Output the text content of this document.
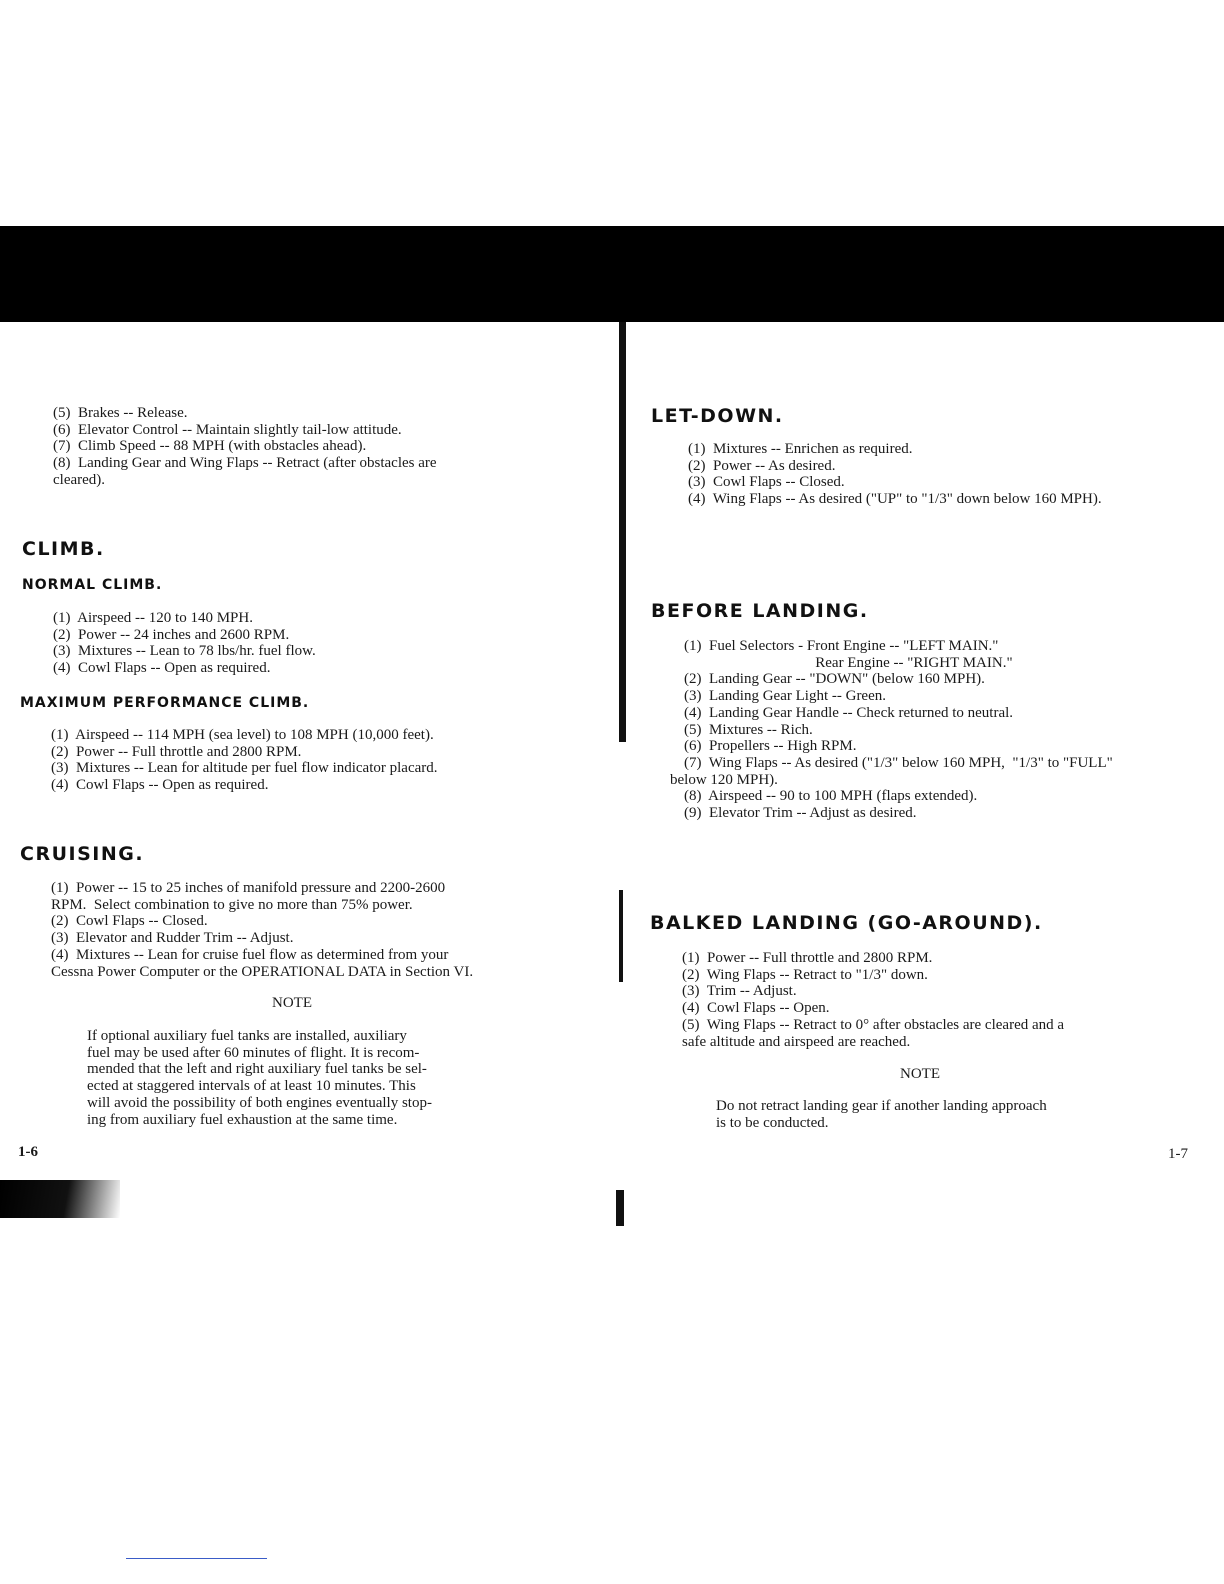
(5)  Brakes -- Release.
(6)  Elevator Control -- Maintain slightly tail-low attitude.
(7)  Climb Speed -- 88 MPH (with obstacles ahead).
(8)  Landing Gear and Wing Flaps -- Retract (after obstacles are
cleared).
CLIMB.
NORMAL CLIMB.
(1)  Airspeed -- 120 to 140 MPH.
(2)  Power -- 24 inches and 2600 RPM.
(3)  Mixtures -- Lean to 78 lbs/hr. fuel flow.
(4)  Cowl Flaps -- Open as required.
MAXIMUM PERFORMANCE CLIMB.
(1)  Airspeed -- 114 MPH (sea level) to 108 MPH (10,000 feet).
(2)  Power -- Full throttle and 2800 RPM.
(3)  Mixtures -- Lean for altitude per fuel flow indicator placard.
(4)  Cowl Flaps -- Open as required.
CRUISING.
(1)  Power -- 15 to 25 inches of manifold pressure and 2200-2600
RPM.  Select combination to give no more than 75% power.
(2)  Cowl Flaps -- Closed.
(3)  Elevator and Rudder Trim -- Adjust.
(4)  Mixtures -- Lean for cruise fuel flow as determined from your
Cessna Power Computer or the OPERATIONAL DATA in Section VI.
NOTE
If optional auxiliary fuel tanks are installed, auxiliary
fuel may be used after 60 minutes of flight. It is recom-
mended that the left and right auxiliary fuel tanks be sel-
ected at staggered intervals of at least 10 minutes. This
will avoid the possibility of both engines eventually stop-
ing from auxiliary fuel exhaustion at the same time.
1-6
LET-DOWN.
(1)  Mixtures -- Enrichen as required.
(2)  Power -- As desired.
(3)  Cowl Flaps -- Closed.
(4)  Wing Flaps -- As desired ("UP" to "1/3" down below 160 MPH).
BEFORE LANDING.
(1)  Fuel Selectors - Front Engine -- "LEFT MAIN."
Rear Engine -- "RIGHT MAIN."
(2)  Landing Gear -- "DOWN" (below 160 MPH).
(3)  Landing Gear Light -- Green.
(4)  Landing Gear Handle -- Check returned to neutral.
(5)  Mixtures -- Rich.
(6)  Propellers -- High RPM.
(7)  Wing Flaps -- As desired ("1/3" below 160 MPH,  "1/3" to "FULL"
below 120 MPH).
(8)  Airspeed -- 90 to 100 MPH (flaps extended).
(9)  Elevator Trim -- Adjust as desired.
BALKED LANDING (GO-AROUND).
(1)  Power -- Full throttle and 2800 RPM.
(2)  Wing Flaps -- Retract to "1/3" down.
(3)  Trim -- Adjust.
(4)  Cowl Flaps -- Open.
(5)  Wing Flaps -- Retract to 0° after obstacles are cleared and a
safe altitude and airspeed are reached.
NOTE
Do not retract landing gear if another landing approach
is to be conducted.
1-7
